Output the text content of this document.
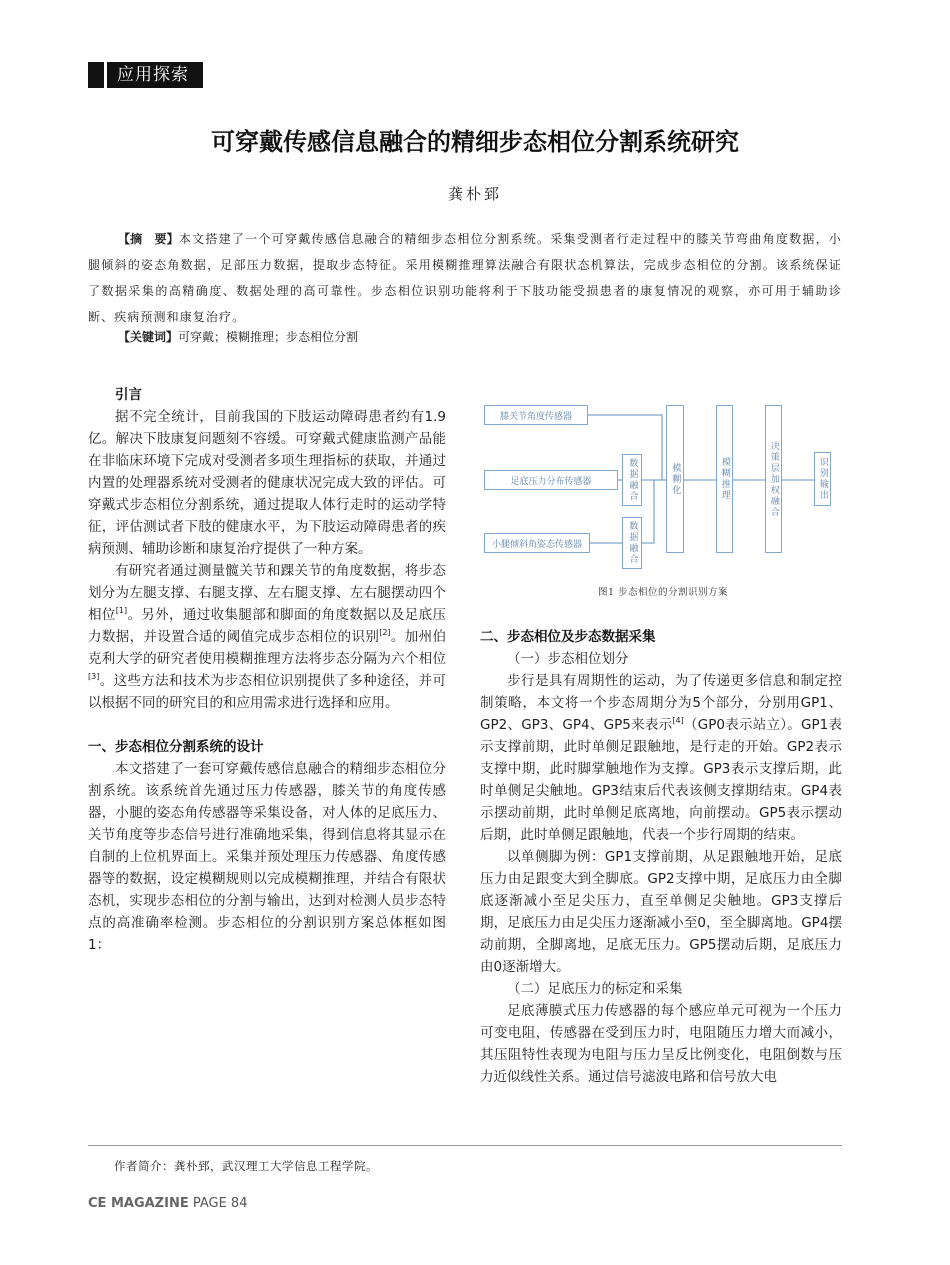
应用探索
可穿戴传感信息融合的精细步态相位分割系统研究
龚朴郅
【摘　要】本文搭建了一个可穿戴传感信息融合的精细步态相位分割系统。采集受测者行走过程中的膝关节弯曲角度数据，小腿倾斜的姿态角数据，足部压力数据，提取步态特征。采用模糊推理算法融合有限状态机算法，完成步态相位的分割。该系统保证了数据采集的高精确度、数据处理的高可靠性。步态相位识别功能将利于下肢功能受损患者的康复情况的观察，亦可用于辅助诊断、疾病预测和康复治疗。
【关键词】可穿戴；模糊推理；步态相位分割
引言

据不完全统计，目前我国的下肢运动障碍患者约有1.9亿。解决下肢康复问题刻不容缓。可穿戴式健康监测产品能在非临床环境下完成对受测者多项生理指标的获取，并通过内置的处理器系统对受测者的健康状况完成大致的评估。可穿戴式步态相位分割系统，通过提取人体行走时的运动学特征，评估测试者下肢的健康水平，为下肢运动障碍患者的疾病预测、辅助诊断和康复治疗提供了一种方案。

有研究者通过测量髋关节和踝关节的角度数据，将步态划分为左腿支撑、右腿支撑、左右腿支撑、左右腿摆动四个相位[1]。另外，通过收集腿部和脚面的角度数据以及足底压力数据，并设置合适的阈值完成步态相位的识别[2]。加州伯克利大学的研究者使用模糊推理方法将步态分隔为六个相位[3]。这些方法和技术为步态相位识别提供了多种途径，并可以根据不同的研究目的和应用需求进行选择和应用。

一、步态相位分割系统的设计

本文搭建了一套可穿戴传感信息融合的精细步态相位分割系统。该系统首先通过压力传感器，膝关节的角度传感器，小腿的姿态角传感器等采集设备，对人体的足底压力、关节角度等步态信号进行准确地采集，得到信息将其显示在自制的上位机界面上。采集并预处理压力传感器、角度传感器等的数据，设定模糊规则以完成模糊推理，并结合有限状态机，实现步态相位的分割与输出，达到对检测人员步态特点的高准确率检测。步态相位的分割识别方案总体框如图1：

膝关节角度传感器
足底压力分布传感器
小腿倾斜角姿态传感器
数据融合
数据融合
模糊化	模糊推理	决策层加权融合	识别输出
图1 步态相位的分割识别方案
二、步态相位及步态数据采集
（一）步态相位划分

步行是具有周期性的运动，为了传递更多信息和制定控制策略，本文将一个步态周期分为5个部分，分别用GP1、GP2、GP3、GP4、GP5来表示[4]（GP0表示站立）。GP1表示支撑前期，此时单侧足跟触地，是行走的开始。GP2表示支撑中期，此时脚掌触地作为支撑。GP3表示支撑后期，此时单侧足尖触地。GP3结束后代表该侧支撑期结束。GP4表示摆动前期，此时单侧足底离地，向前摆动。GP5表示摆动后期，此时单侧足跟触地，代表一个步行周期的结束。

以单侧脚为例：GP1支撑前期，从足跟触地开始，足底压力由足跟变大到全脚底。GP2支撑中期，足底压力由全脚底逐渐减小至足尖压力，直至单侧足尖触地。GP3支撑后期，足底压力由足尖压力逐渐减小至0，至全脚离地。GP4摆动前期，全脚离地，足底无压力。GP5摆动后期，足底压力由0逐渐增大。

（二）足底压力的标定和采集

足底薄膜式压力传感器的每个感应单元可视为一个压力可变电阻，传感器在受到压力时，电阻随压力增大而减小，其压阻特性表现为电阻与压力呈反比例变化，电阻倒数与压力近似线性关系。通过信号滤波电路和信号放大电

作者简介：龚朴郅，武汉理工大学信息工程学院。
CE MAGAZINE PAGE 84
